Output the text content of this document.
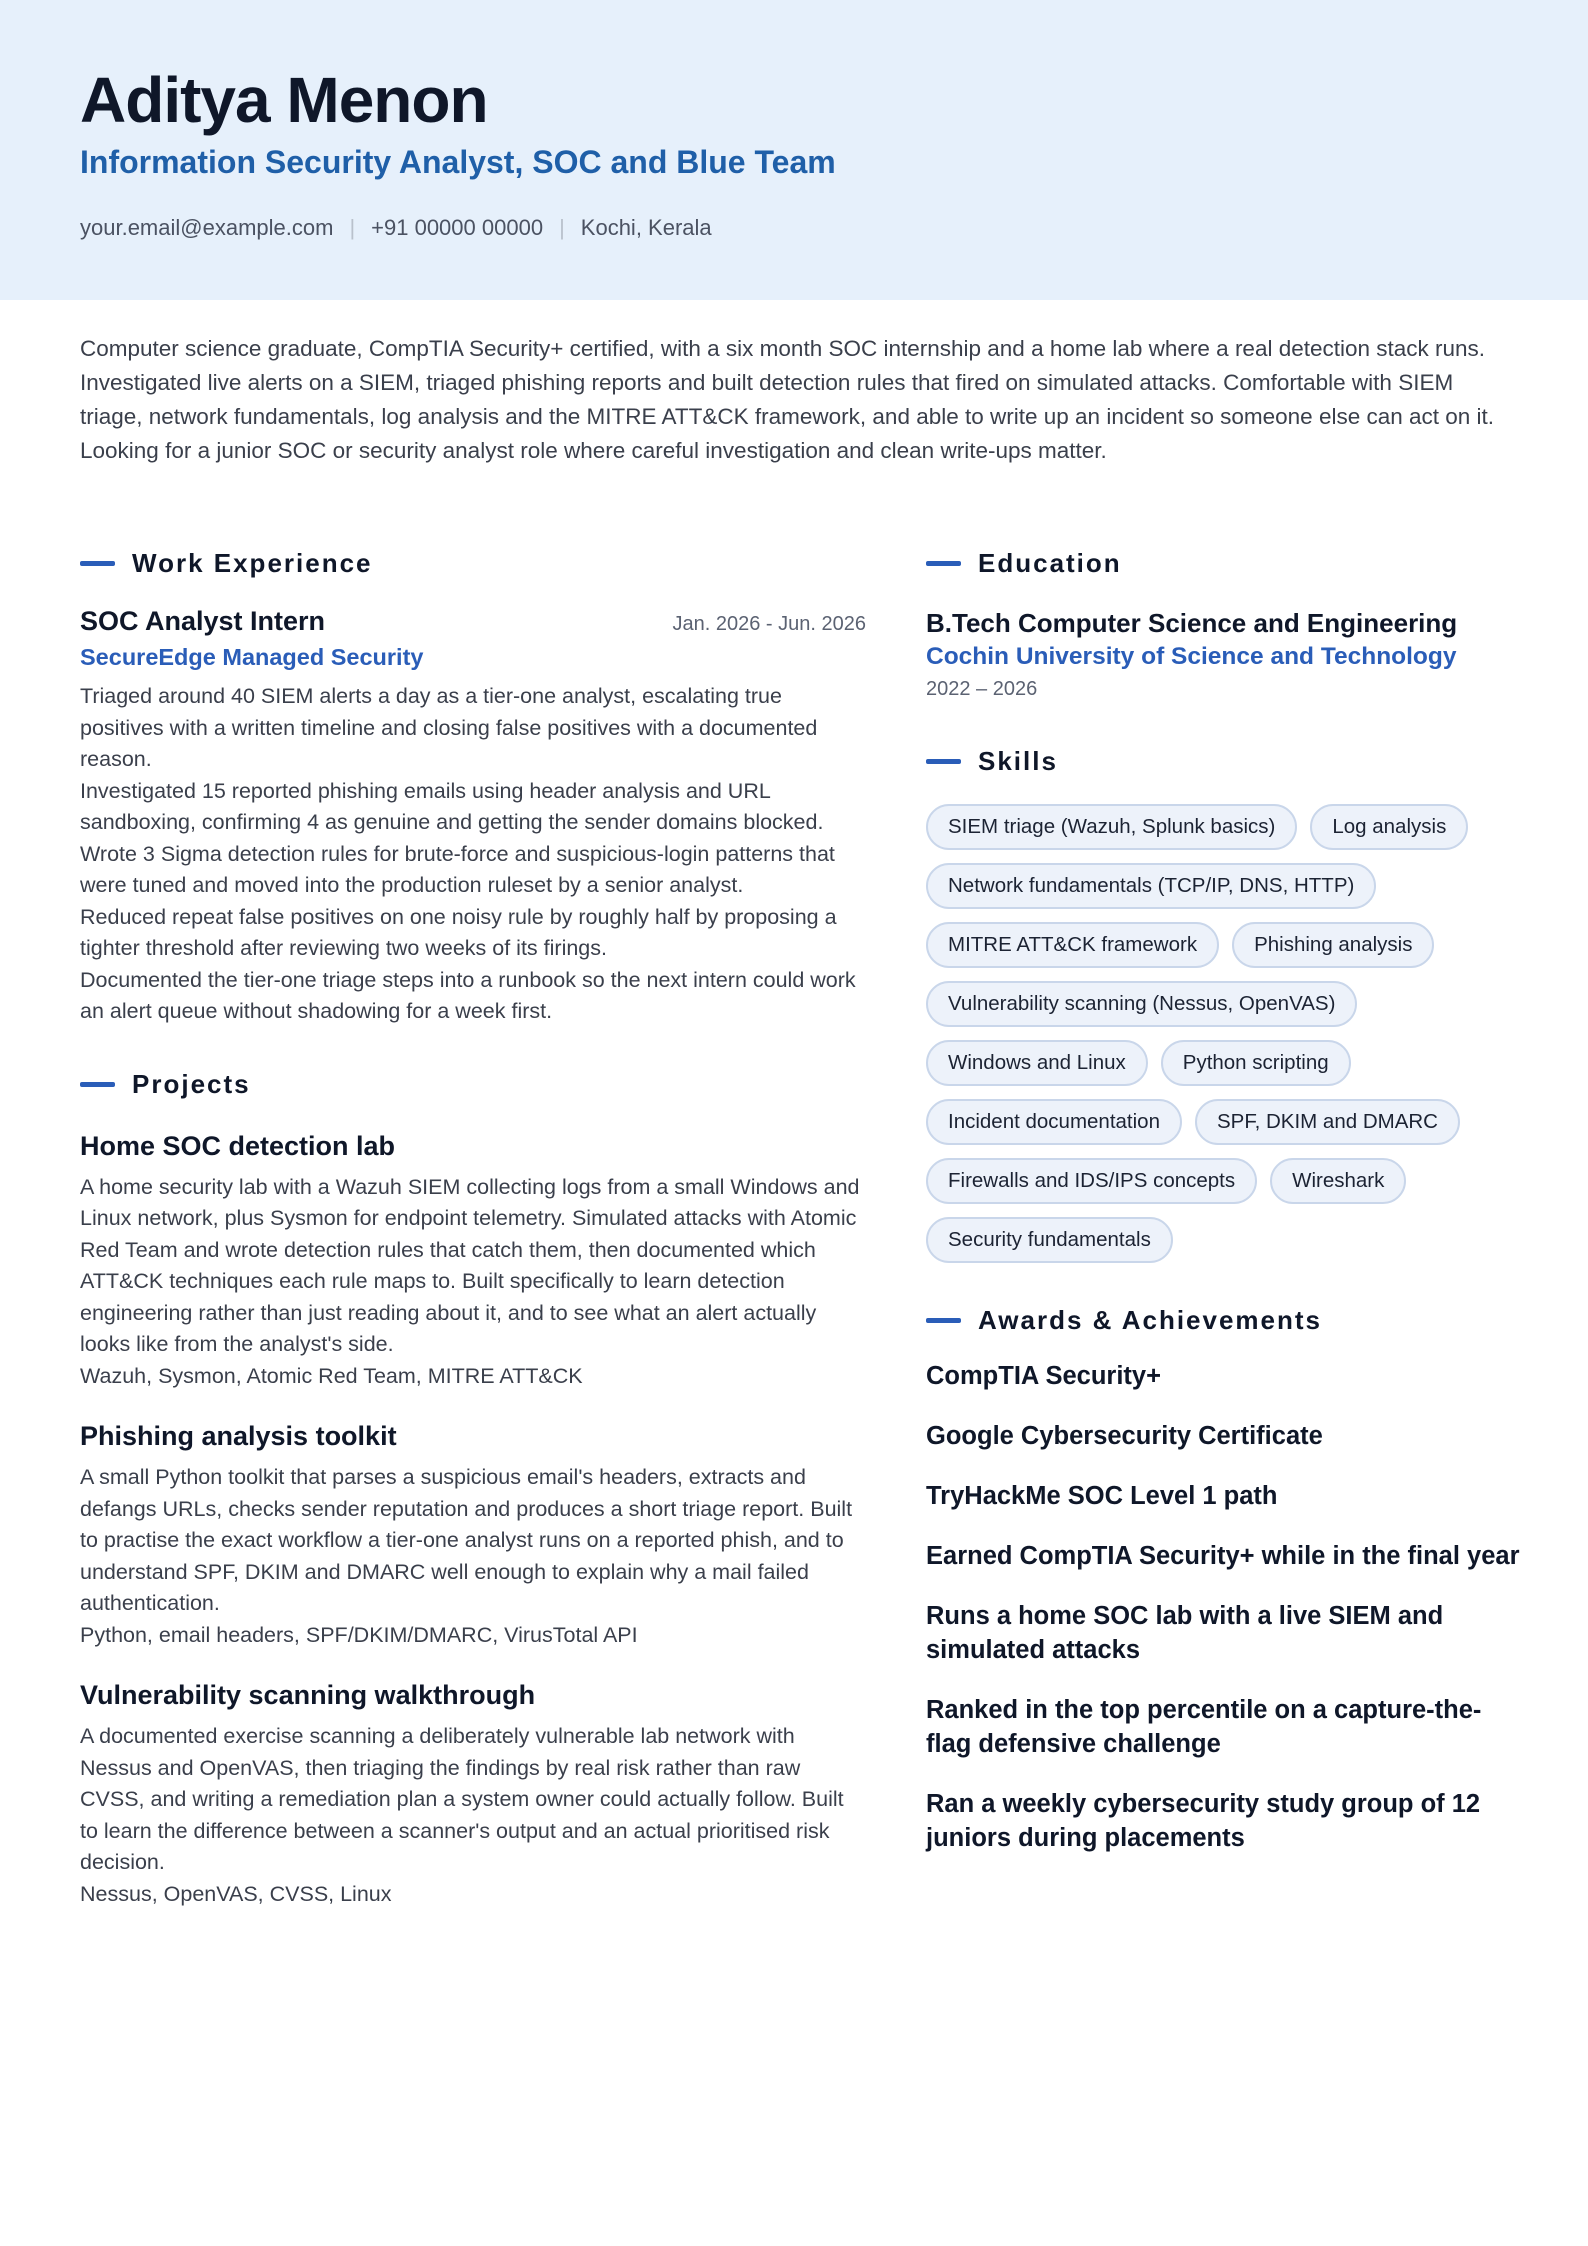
Aditya Menon
Information Security Analyst, SOC and Blue Team
your.email@example.com | +91 00000 00000 | Kochi, Kerala

Computer science graduate, CompTIA Security+ certified, with a six month SOC internship and a home lab where a real detection stack runs. Investigated live alerts on a SIEM, triaged phishing reports and built detection rules that fired on simulated attacks. Comfortable with SIEM triage, network fundamentals, log analysis and the MITRE ATT&CK framework, and able to write up an incident so someone else can act on it. Looking for a junior SOC or security analyst role where careful investigation and clean write-ups matter.

Work Experience
SOC Analyst Intern	Jan. 2026 - Jun. 2026
SecureEdge Managed Security
Triaged around 40 SIEM alerts a day as a tier-one analyst, escalating true positives with a written timeline and closing false positives with a documented reason.
Investigated 15 reported phishing emails using header analysis and URL sandboxing, confirming 4 as genuine and getting the sender domains blocked.
Wrote 3 Sigma detection rules for brute-force and suspicious-login patterns that were tuned and moved into the production ruleset by a senior analyst.
Reduced repeat false positives on one noisy rule by roughly half by proposing a tighter threshold after reviewing two weeks of its firings.
Documented the tier-one triage steps into a runbook so the next intern could work an alert queue without shadowing for a week first.
Projects
Home SOC detection lab
A home security lab with a Wazuh SIEM collecting logs from a small Windows and Linux network, plus Sysmon for endpoint telemetry. Simulated attacks with Atomic Red Team and wrote detection rules that catch them, then documented which ATT&CK techniques each rule maps to. Built specifically to learn detection engineering rather than just reading about it, and to see what an alert actually looks like from the analyst's side.
Wazuh, Sysmon, Atomic Red Team, MITRE ATT&CK
Phishing analysis toolkit
A small Python toolkit that parses a suspicious email's headers, extracts and defangs URLs, checks sender reputation and produces a short triage report. Built to practise the exact workflow a tier-one analyst runs on a reported phish, and to understand SPF, DKIM and DMARC well enough to explain why a mail failed authentication.
Python, email headers, SPF/DKIM/DMARC, VirusTotal API
Vulnerability scanning walkthrough
A documented exercise scanning a deliberately vulnerable lab network with Nessus and OpenVAS, then triaging the findings by real risk rather than raw CVSS, and writing a remediation plan a system owner could actually follow. Built to learn the difference between a scanner's output and an actual prioritised risk decision.
Nessus, OpenVAS, CVSS, Linux
Education
B.Tech Computer Science and Engineering
Cochin University of Science and Technology
2022 – 2026
Skills
SIEM triage (Wazuh, Splunk basics)	Log analysis
Network fundamentals (TCP/IP, DNS, HTTP)
MITRE ATT&CK framework	Phishing analysis
Vulnerability scanning (Nessus, OpenVAS)
Windows and Linux	Python scripting
Incident documentation	SPF, DKIM and DMARC
Firewalls and IDS/IPS concepts	Wireshark
Security fundamentals
Awards & Achievements
CompTIA Security+
Google Cybersecurity Certificate
TryHackMe SOC Level 1 path
Earned CompTIA Security+ while in the final year
Runs a home SOC lab with a live SIEM and simulated attacks
Ranked in the top percentile on a capture-the-flag defensive challenge
Ran a weekly cybersecurity study group of 12 juniors during placements
